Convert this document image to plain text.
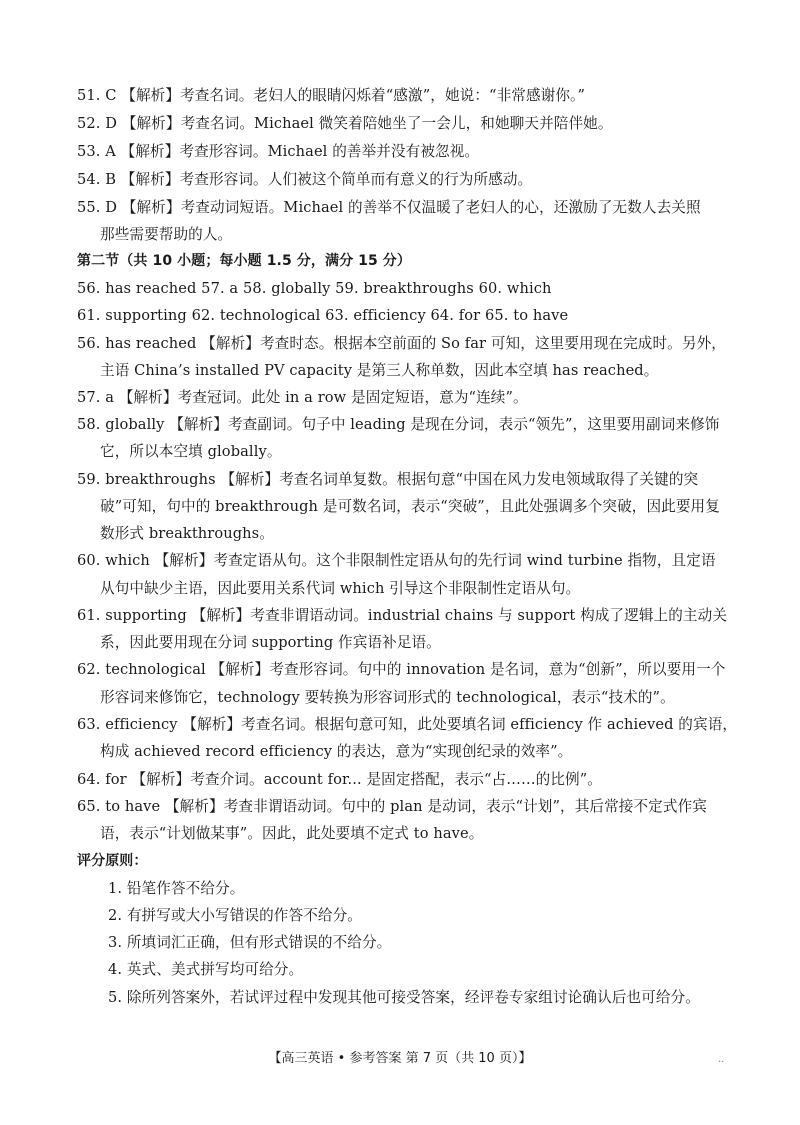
51. C 【解析】考查名词。老妇人的眼睛闪烁着“感激”，她说：“非常感谢你。”
52. D 【解析】考查名词。Michael 微笑着陪她坐了一会儿，和她聊天并陪伴她。
53. A 【解析】考查形容词。Michael 的善举并没有被忽视。
54. B 【解析】考查形容词。人们被这个简单而有意义的行为所感动。
55. D 【解析】考查动词短语。Michael 的善举不仅温暖了老妇人的心，还激励了无数人去关照
那些需要帮助的人。
第二节（共 10 小题；每小题 1.5 分，满分 15 分）
56. has reached 57. a 58. globally 59. breakthroughs 60. which
61. supporting 62. technological 63. efficiency 64. for 65. to have
56. has reached 【解析】考查时态。根据本空前面的 So far 可知，这里要用现在完成时。另外，
主语 China’s installed PV capacity 是第三人称单数，因此本空填 has reached。
57. a 【解析】考查冠词。此处 in a row 是固定短语，意为“连续”。
58. globally 【解析】考查副词。句子中 leading 是现在分词，表示“领先”，这里要用副词来修饰
它，所以本空填 globally。
59. breakthroughs 【解析】考查名词单复数。根据句意“中国在风力发电领域取得了关键的突
破”可知，句中的 breakthrough 是可数名词，表示“突破”，且此处强调多个突破，因此要用复
数形式 breakthroughs。
60. which 【解析】考查定语从句。这个非限制性定语从句的先行词 wind turbine 指物，且定语
从句中缺少主语，因此要用关系代词 which 引导这个非限制性定语从句。
61. supporting 【解析】考查非谓语动词。industrial chains 与 support 构成了逻辑上的主动关
系，因此要用现在分词 supporting 作宾语补足语。
62. technological 【解析】考查形容词。句中的 innovation 是名词，意为“创新”，所以要用一个
形容词来修饰它，technology 要转换为形容词形式的 technological，表示“技术的”。
63. efficiency 【解析】考查名词。根据句意可知，此处要填名词 efficiency 作 achieved 的宾语，
构成 achieved record efficiency 的表达，意为“实现创纪录的效率”。
64. for 【解析】考查介词。account for... 是固定搭配，表示“占……的比例”。
65. to have 【解析】考查非谓语动词。句中的 plan 是动词，表示“计划”，其后常接不定式作宾
语，表示“计划做某事”。因此，此处要填不定式 to have。
评分原则：
1. 铅笔作答不给分。
2. 有拼写或大小写错误的作答不给分。
3. 所填词汇正确，但有形式错误的不给分。
4. 英式、美式拼写均可给分。
5. 除所列答案外，若试评过程中发现其他可接受答案，经评卷专家组讨论确认后也可给分。
【高三英语 • 参考答案 第 7 页（共 10 页）】	..
